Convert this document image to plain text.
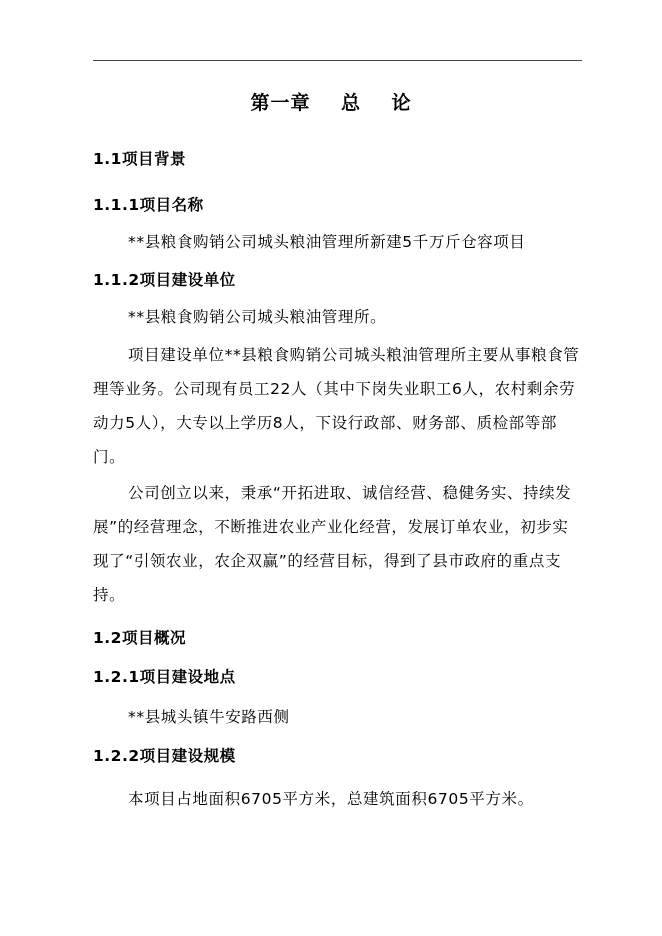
第一章    总    论
1.1项目背景
1.1.1项目名称
**县粮食购销公司城头粮油管理所新建5千万斤仓容项目
1.1.2项目建设单位
**县粮食购销公司城头粮油管理所。
项目建设单位**县粮食购销公司城头粮油管理所主要从事粮食管理等业务。公司现有员工22人（其中下岗失业职工6人，农村剩余劳动力5人），大专以上学历8人，下设行政部、财务部、质检部等部门。
公司创立以来，秉承“开拓进取、诚信经营、稳健务实、持续发展”的经营理念，不断推进农业产业化经营，发展订单农业，初步实现了“引领农业，农企双赢”的经营目标，得到了县市政府的重点支持。
1.2项目概况
1.2.1项目建设地点
**县城头镇牛安路西侧
1.2.2项目建设规模
本项目占地面积6705平方米，总建筑面积6705平方米。
